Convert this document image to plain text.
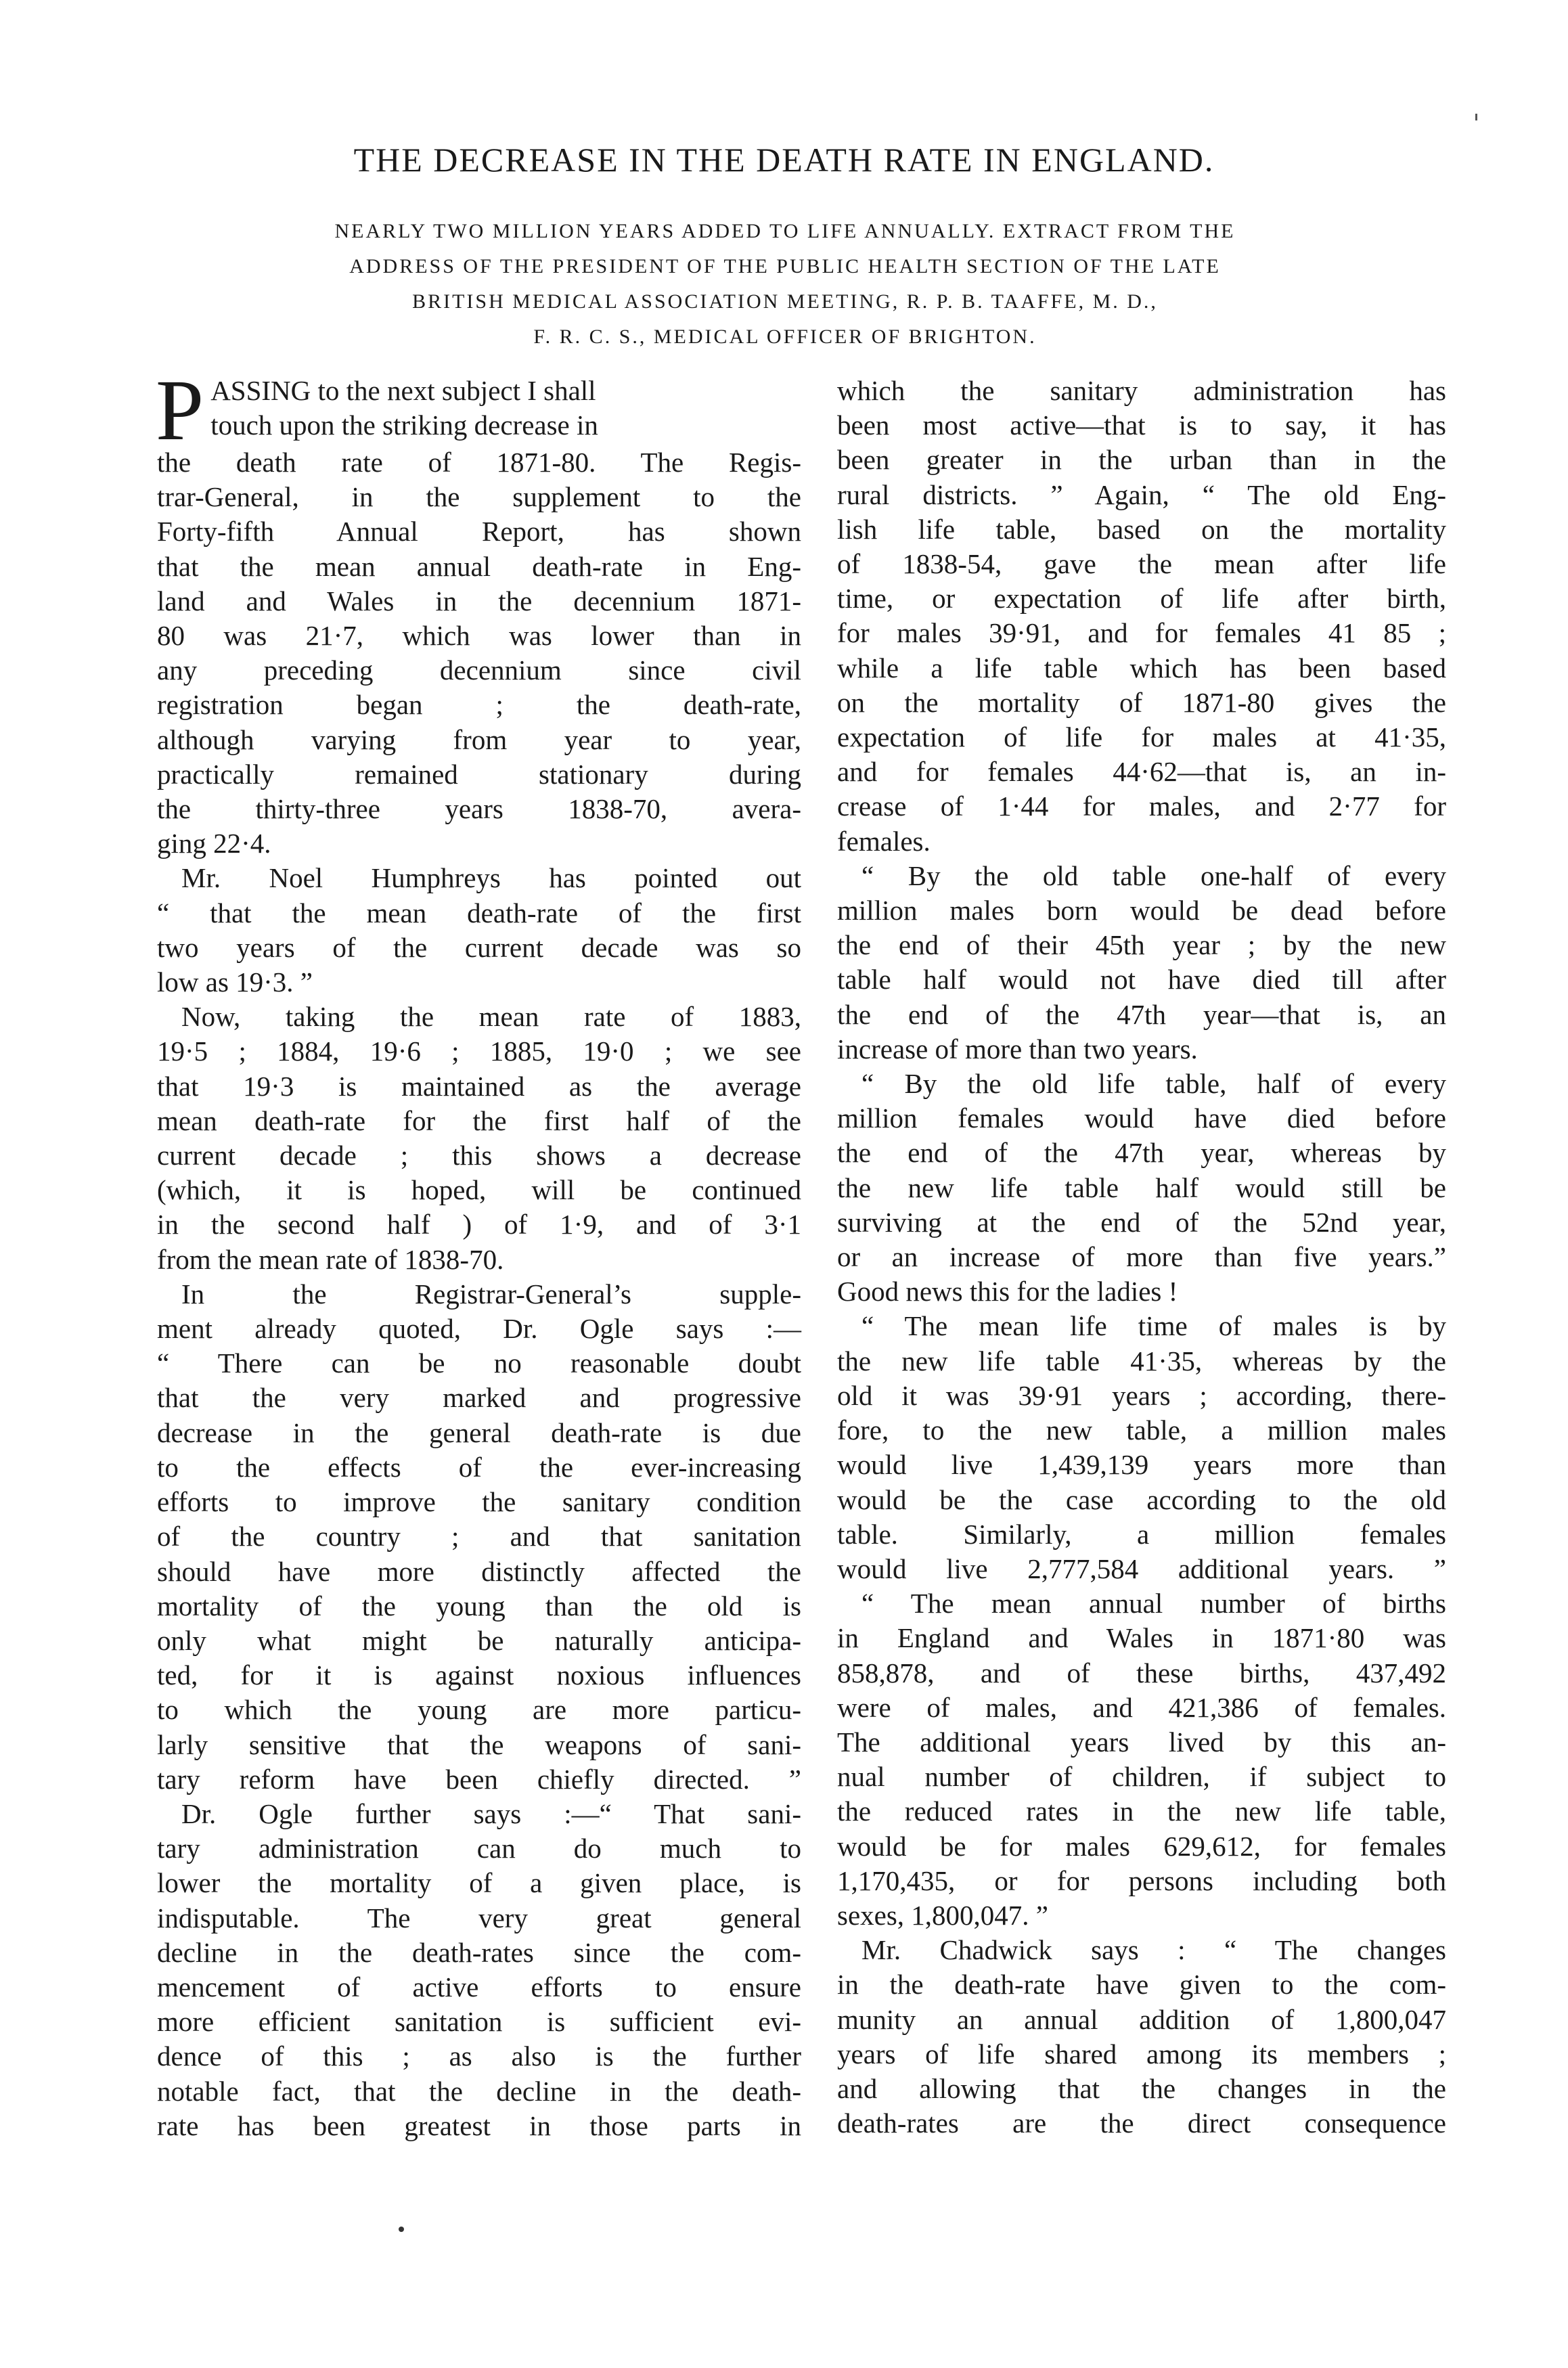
THE DECREASE IN THE DEATH RATE IN ENGLAND.
NEARLY TWO MILLION YEARS ADDED TO LIFE ANNUALLY. EXTRACT FROM THE
ADDRESS OF THE PRESIDENT OF THE PUBLIC HEALTH SECTION OF THE LATE
BRITISH MEDICAL ASSOCIATION MEETING, R. P. B. TAAFFE, M. D.,
F. R. C. S., MEDICAL OFFICER OF BRIGHTON.
P ASSING to the next subject I shall
touch upon the striking decrease in
the death rate of 1871-80. The Regis-
trar-General, in the supplement to the
Forty-fifth Annual Report, has shown
that the mean annual death-rate in Eng-
land and Wales in the decennium 1871-
80 was 21·7, which was lower than in
any preceding decennium since civil
registration began ; the death-rate,
although varying from year to year,
practically remained stationary during
the thirty-three years 1838-70, avera-
ging 22·4.
Mr. Noel Humphreys has pointed out
“ that the mean death-rate of the first
two years of the current decade was so
low as 19·3. ”
Now, taking the mean rate of 1883,
19·5 ; 1884, 19·6 ; 1885, 19·0 ; we see
that 19·3 is maintained as the average
mean death-rate for the first half of the
current decade ; this shows a decrease
(which, it is hoped, will be continued
in the second half ) of 1·9, and of 3·1
from the mean rate of 1838-70.
In the Registrar-General’s supple-
ment already quoted, Dr. Ogle says :—
“ There can be no reasonable doubt
that the very marked and progressive
decrease in the general death-rate is due
to the effects of the ever-increasing
efforts to improve the sanitary condition
of the country ; and that sanitation
should have more distinctly affected the
mortality of the young than the old is
only what might be naturally anticipa-
ted, for it is against noxious influences
to which the young are more particu-
larly sensitive that the weapons of sani-
tary reform have been chiefly directed. ”
Dr. Ogle further says :—“ That sani-
tary administration can do much to
lower the mortality of a given place, is
indisputable. The very great general
decline in the death-rates since the com-
mencement of active efforts to ensure
more efficient sanitation is sufficient evi-
dence of this ; as also is the further
notable fact, that the decline in the death-
rate has been greatest in those parts in
which the sanitary administration has
been most active—that is to say, it has
been greater in the urban than in the
rural districts. ” Again, “ The old Eng-
lish life table, based on the mortality
of 1838-54, gave the mean after life
time, or expectation of life after birth,
for males 39·91, and for females 41 85 ;
while a life table which has been based
on the mortality of 1871-80 gives the
expectation of life for males at 41·35,
and for females 44·62—that is, an in-
crease of 1·44 for males, and 2·77 for
females.
“ By the old table one-half of every
million males born would be dead before
the end of their 45th year ; by the new
table half would not have died till after
the end of the 47th year—that is, an
increase of more than two years.
“ By the old life table, half of every
million females would have died before
the end of the 47th year, whereas by
the new life table half would still be
surviving at the end of the 52nd year,
or an increase of more than five years.”
Good news this for the ladies !
“ The mean life time of males is by
the new life table 41·35, whereas by the
old it was 39·91 years ; according, there-
fore, to the new table, a million males
would live 1,439,139 years more than
would be the case according to the old
table. Similarly, a million females
would live 2,777,584 additional years. ”
“ The mean annual number of births
in England and Wales in 1871·80 was
858,878, and of these births, 437,492
were of males, and 421,386 of females.
The additional years lived by this an-
nual number of children, if subject to
the reduced rates in the new life table,
would be for males 629,612, for females
1,170,435, or for persons including both
sexes, 1,800,047. ”
Mr. Chadwick says : “ The changes
in the death-rate have given to the com-
munity an annual addition of 1,800,047
years of life shared among its members ;
and allowing that the changes in the
death-rates are the direct consequence
